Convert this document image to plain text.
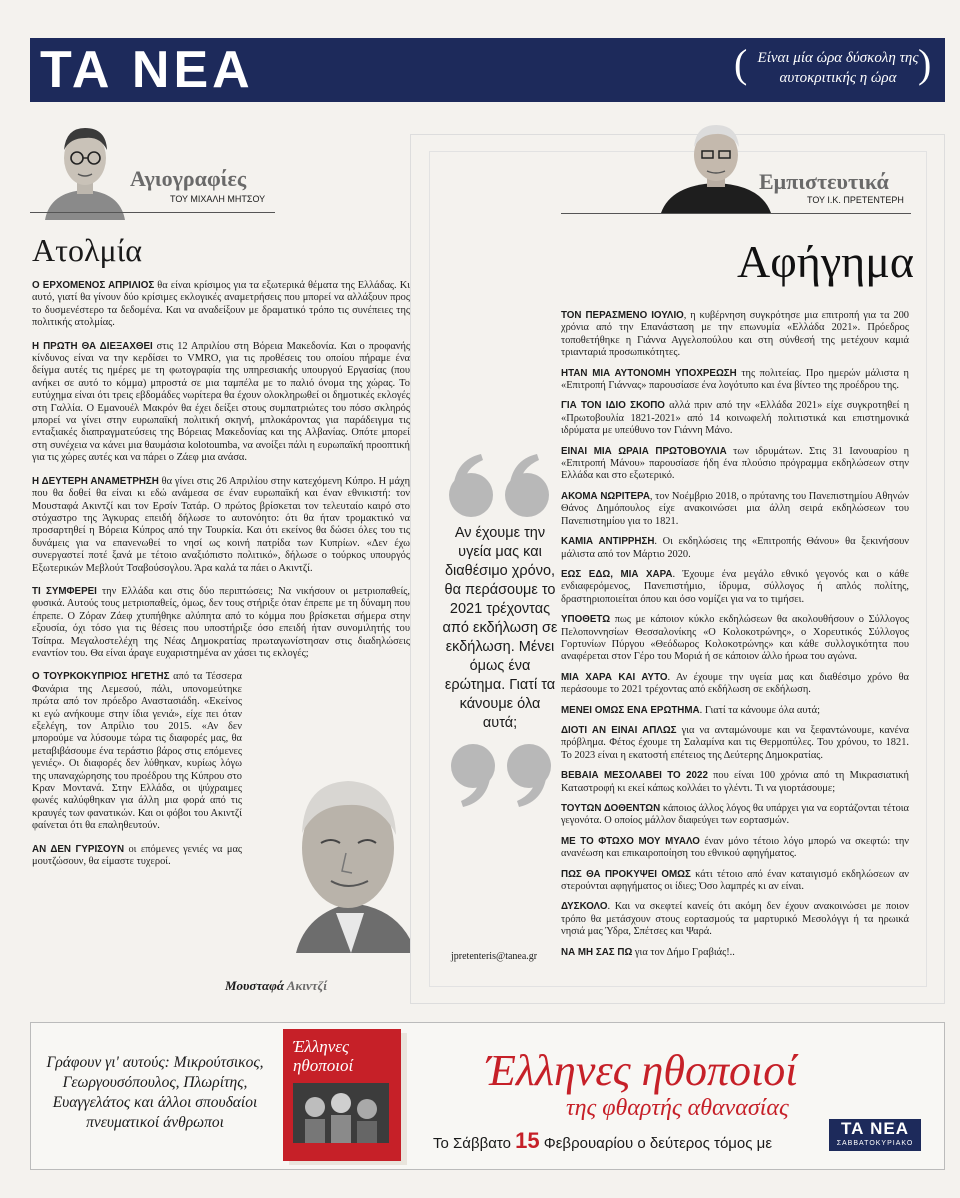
ΤΑ ΝΕΑ	( Είναι μία ώρα δύσκολη της αυτοκριτικής η ώρα )
Αγιογραφίες
ΤΟΥ ΜΙΧΑΛΗ ΜΗΤΣΟΥ
Ατολμία

Ο ΕΡΧΟΜΕΝΟΣ ΑΠΡΙΛΙΟΣ θα είναι κρίσιμος για τα εξωτερικά θέματα της Ελλάδας. Κι αυτό, γιατί θα γίνουν δύο κρίσιμες εκλογικές αναμετρήσεις που μπορεί να αλλάξουν προς το δυσμενέστερο τα δεδομένα. Και να αναδείξουν με δραματικό τρόπο τις συνέπειες της πολιτικής ατολμίας.

Η ΠΡΩΤΗ ΘΑ ΔΙΕΞΑΧΘΕΙ στις 12 Απριλίου στη Βόρεια Μακεδονία. Και ο προφανής κίνδυνος είναι να την κερδίσει το VMRO, για τις προθέσεις του οποίου πήραμε ένα δείγμα αυτές τις ημέρες με τη φωτογραφία της υπηρεσιακής υπουργού Εργασίας (που ανήκει σε αυτό το κόμμα) μπροστά σε μια ταμπέλα με το παλιό όνομα της χώρας. Το ευτύχημα είναι ότι τρεις εβδομάδες νωρίτερα θα έχουν ολοκληρωθεί οι δημοτικές εκλογές στη Γαλλία. Ο Εμανουέλ Μακρόν θα έχει δείξει στους συμπατριώτες του πόσο σκληρός μπορεί να γίνει στην ευρωπαϊκή πολιτική σκηνή, μπλοκάροντας για παράδειγμα τις ενταξιακές διαπραγματεύσεις της Βόρειας Μακεδονίας και της Αλβανίας. Οπότε μπορεί στη συνέχεια να κάνει μια θαυμάσια kolotoumba, να ανοίξει πάλι η ευρωπαϊκή προοπτική για τις χώρες αυτές και να πάρει ο Ζάεφ μια ανάσα.

Η ΔΕΥΤΕΡΗ ΑΝΑΜΕΤΡΗΣΗ θα γίνει στις 26 Απριλίου στην κατεχόμενη Κύπρο. Η μάχη που θα δοθεί θα είναι κι εδώ ανάμεσα σε έναν ευρωπαϊκή και έναν εθνικιστή: τον Μουσταφά Ακιντζί και τον Ερσίν Τατάρ. Ο πρώτος βρίσκεται τον τελευταίο καιρό στο στόχαστρο της Άγκυρας επειδή δήλωσε το αυτονόητο: ότι θα ήταν τρομακτικό να προσαρτηθεί η Βόρεια Κύπρος από την Τουρκία. Και ότι εκείνος θα δώσει όλες του τις δυνάμεις για να επανενωθεί το νησί ως κοινή πατρίδα των Κυπρίων. «Δεν έχω συνεργαστεί ποτέ ξανά με τέτοιο αναξιόπιστο πολιτικό», δήλωσε ο τούρκος υπουργός Εξωτερικών Μεβλούτ Τσαβούσογλου. Άρα καλά τα πάει ο Ακιντζί.

ΤΙ ΣΥΜΦΕΡΕΙ την Ελλάδα και στις δύο περιπτώσεις; Να νικήσουν οι μετριοπαθείς, φυσικά. Αυτούς τους μετριοπαθείς, όμως, δεν τους στήριξε όταν έπρεπε με τη δύναμη που έπρεπε. Ο Ζόραν Ζάεφ χτυπήθηκε αλύπητα από το κόμμα που βρίσκεται σήμερα στην εξουσία, όχι τόσο για τις θέσεις που υποστήριξε όσο επειδή ήταν συνομιλητής του Τσίπρα. Μεγαλοστελέχη της Νέας Δημοκρατίας πρωταγωνίστησαν στις διαδηλώσεις εναντίον του. Θα είναι άραγε ευχαριστημένα αν χάσει τις εκλογές;

Ο ΤΟΥΡΚΟΚΥΠΡΙΟΣ ΗΓΕΤΗΣ από τα Τέσσερα Φανάρια της Λεμεσού, πάλι, υπονομεύτηκε πρώτα από τον πρόεδρο Αναστασιάδη. «Εκείνος κι εγώ ανήκουμε στην ίδια γενιά», είχε πει όταν εξελέγη, τον Απρίλιο του 2015. «Αν δεν μπορούμε να λύσουμε τώρα τις διαφορές μας, θα μεταβιβάσουμε ένα τεράστιο βάρος στις επόμενες γενιές». Οι διαφορές δεν λύθηκαν, κυρίως λόγω της υπαναχώρησης του προέδρου της Κύπρου στο Κραν Μοντανά. Στην Ελλάδα, οι ψύχραιμες φωνές καλύφθηκαν για άλλη μια φορά από τις κραυγές των φανατικών. Και οι φόβοι του Ακιντζί φαίνεται ότι θα επαληθευτούν.

ΑΝ ΔΕΝ ΓΥΡΙΣΟΥΝ οι επόμενες γενιές να μας μουτζώσουν, θα είμαστε τυχεροί.

Μουσταφά Ακιντζί
Εμπιστευτικά
ΤΟΥ Ι.Κ. ΠΡΕΤΕΝΤΕΡΗ
Αφήγημα
Αν έχουμε την υγεία μας και διαθέσιμο χρόνο, θα περάσουμε το 2021 τρέχοντας από εκδήλωση σε εκδήλωση. Μένει όμως ένα ερώτημα. Γιατί τα κάνουμε όλα αυτά;
jpretenteris@tanea.gr

ΤΟΝ ΠΕΡΑΣΜΕΝΟ ΙΟΥΛΙΟ, η κυβέρνηση συγκρότησε μια επιτροπή για τα 200 χρόνια από την Επανάσταση με την επωνυμία «Ελλάδα 2021». Πρόεδρος τοποθετήθηκε η Γιάννα Αγγελοπούλου και στη σύνθεσή της μετέχουν καμιά τριανταριά προσωπικότητες.

ΗΤΑΝ ΜΙΑ ΑΥΤΟΝΟΜΗ ΥΠΟΧΡΕΩΣΗ της πολιτείας. Προ ημερών μάλιστα η «Επιτροπή Γιάννας» παρουσίασε ένα λογότυπο και ένα βίντεο της προέδρου της.

ΓΙΑ ΤΟΝ ΙΔΙΟ ΣΚΟΠΟ αλλά πριν από την «Ελλάδα 2021» είχε συγκροτηθεί η «Πρωτοβουλία 1821-2021» από 14 κοινωφελή πολιτιστικά και επιστημονικά ιδρύματα με υπεύθυνο τον Γιάννη Μάνο.

ΕΙΝΑΙ ΜΙΑ ΩΡΑΙΑ ΠΡΩΤΟΒΟΥΛΙΑ των ιδρυμάτων. Στις 31 Ιανουαρίου η «Επιτροπή Μάνου» παρουσίασε ήδη ένα πλούσιο πρόγραμμα εκδηλώσεων στην Ελλάδα και στο εξωτερικό.

ΑΚΟΜΑ ΝΩΡΙΤΕΡΑ, τον Νοέμβριο 2018, ο πρύτανης του Πανεπιστημίου Αθηνών Θάνος Δημόπουλος είχε ανακοινώσει μια άλλη σειρά εκδηλώσεων του Πανεπιστημίου για το 1821.

ΚΑΜΙΑ ΑΝΤΙΡΡΗΣΗ. Οι εκδηλώσεις της «Επιτροπής Θάνου» θα ξεκινήσουν μάλιστα από τον Μάρτιο 2020.

ΕΩΣ ΕΔΩ, ΜΙΑ ΧΑΡΑ. Έχουμε ένα μεγάλο εθνικό γεγονός και ο κάθε ενδιαφερόμενος, Πανεπιστήμιο, ίδρυμα, σύλλογος ή απλός πολίτης, δραστηριοποιείται όπου και όσο νομίζει για να το τιμήσει.

ΥΠΟΘΕΤΩ πως με κάποιον κύκλο εκδηλώσεων θα ακολουθήσουν ο Σύλλογος Πελοποννησίων Θεσσαλονίκης «Ο Κολοκοτρώνης», ο Χορευτικός Σύλλογος Γορτυνίων Πύργου «Θεόδωρος Κολοκοτρώνης» και κάθε συλλογικότητα που αναφέρεται στον Γέρο του Μοριά ή σε κάποιον άλλο ήρωα του αγώνα.

ΜΙΑ ΧΑΡΑ ΚΑΙ ΑΥΤΟ. Αν έχουμε την υγεία μας και διαθέσιμο χρόνο θα περάσουμε το 2021 τρέχοντας από εκδήλωση σε εκδήλωση.

ΜΕΝΕΙ ΟΜΩΣ ΕΝΑ ΕΡΩΤΗΜΑ. Γιατί τα κάνουμε όλα αυτά;

ΔΙΟΤΙ ΑΝ ΕΙΝΑΙ ΑΠΛΩΣ για να ανταμώνουμε και να ξεφαντώνουμε, κανένα πρόβλημα. Φέτος έχουμε τη Σαλαμίνα και τις Θερμοπύλες. Του χρόνου, το 1821. Το 2023 είναι η εκατοστή επέτειος της Δεύτερης Δημοκρατίας.

ΒΕΒΑΙΑ ΜΕΣΟΛΑΒΕΙ ΤΟ 2022 που είναι 100 χρόνια από τη Μικρασιατική Καταστροφή κι εκεί κάπως κολλάει το γλέντι. Τι να γιορτάσουμε;

ΤΟΥΤΩΝ ΔΟΘΕΝΤΩΝ κάποιος άλλος λόγος θα υπάρχει για να εορτάζονται τέτοια γεγονότα. Ο οποίος μάλλον διαφεύγει των εορτασμών.

ΜΕ ΤΟ ΦΤΩΧΟ ΜΟΥ ΜΥΑΛΟ έναν μόνο τέτοιο λόγο μπορώ να σκεφτώ: την ανανέωση και επικαιροποίηση του εθνικού αφηγήματος.

ΠΩΣ ΘΑ ΠΡΟΚΥΨΕΙ ΟΜΩΣ κάτι τέτοιο από έναν καταιγισμό εκδηλώσεων αν στερούνται αφηγήματος οι ίδιες; Όσο λαμπρές κι αν είναι.

ΔΥΣΚΟΛΟ. Και να σκεφτεί κανείς ότι ακόμη δεν έχουν ανακοινώσει με ποιον τρόπο θα μετάσχουν στους εορτασμούς τα μαρτυρικό Μεσολόγγι ή τα ηρωικά νησιά μας Ύδρα, Σπέτσες και Ψαρά.

ΝΑ ΜΗ ΣΑΣ ΠΩ για τον Δήμο Γραβιάς!..

Γράφουν γι' αυτούς: Μικρούτσικος, Γεωργουσόπουλος, Πλωρίτης, Ευαγγελάτος και άλλοι σπουδαίοι πνευματικοί άνθρωποι
Έλληνες ηθοποιοί	Έλληνες ηθοποιοί
της φθαρτής αθανασίας
Το Σάββατο 15 Φεβρουαρίου ο δεύτερος τόμος με
ΤΑ ΝΕΑ
ΣΑΒΒΑΤΟΚΥΡΙΑΚΟ
